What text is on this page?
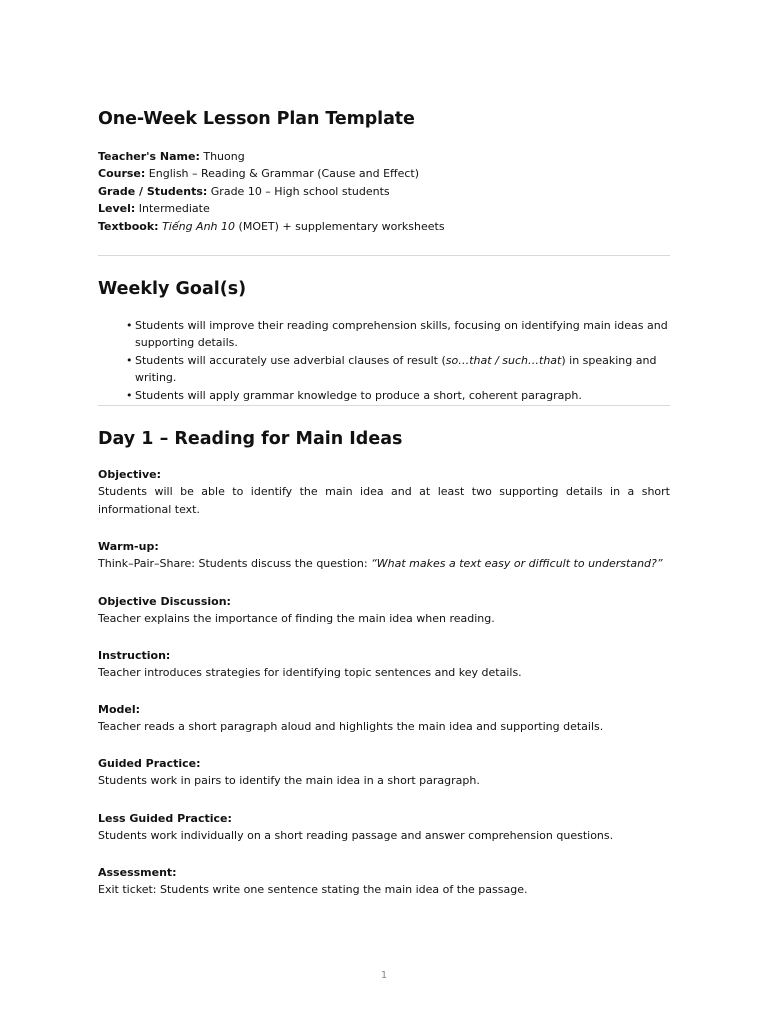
One-Week Lesson Plan Template
Teacher's Name: Thuong
Course: English – Reading & Grammar (Cause and Effect)
Grade / Students: Grade 10 – High school students
Level: Intermediate
Textbook: Tiếng Anh 10 (MOET) + supplementary worksheets
Weekly Goal(s)
• Students will improve their reading comprehension skills, focusing on identifying main ideas and supporting details.
• Students will accurately use adverbial clauses of result (so…that / such…that) in speaking and writing.
• Students will apply grammar knowledge to produce a short, coherent paragraph.
Day 1 – Reading for Main Ideas
Objective:
Students will be able to identify the main idea and at least two supporting details in a short informational text.
Warm-up:
Think–Pair–Share: Students discuss the question: “What makes a text easy or difficult to understand?”
Objective Discussion:
Teacher explains the importance of finding the main idea when reading.
Instruction:
Teacher introduces strategies for identifying topic sentences and key details.
Model:
Teacher reads a short paragraph aloud and highlights the main idea and supporting details.
Guided Practice:
Students work in pairs to identify the main idea in a short paragraph.
Less Guided Practice:
Students work individually on a short reading passage and answer comprehension questions.
Assessment:
Exit ticket: Students write one sentence stating the main idea of the passage.
1
